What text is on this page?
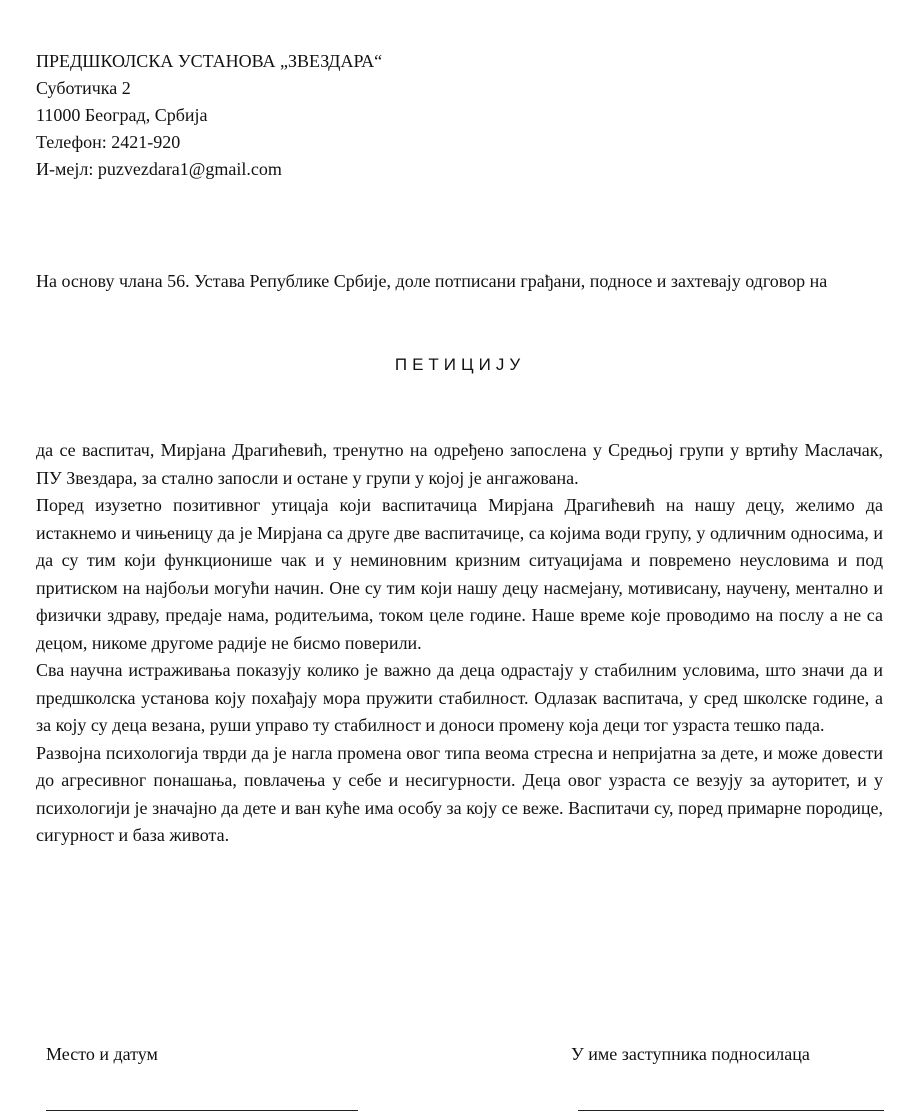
ПРЕДШКОЛСКА УСТАНОВА „ЗВЕЗДАРА“
Суботичка 2
11000 Београд, Србија
Телефон: 2421-920
И-мејл: puzvezdara1@gmail.com
На основу члана 56. Устава Републике Србије, доле потписани грађани, подносе и захтевају одговор на
ПЕТИЦИЈУ

да се васпитач, Мирјана Драгићевић, тренутно на одређено запослена у Средњој групи у вртићу Маслачак, ПУ Звездара, за стално запосли и остане у групи у којој је ангажована.

Поред изузетно позитивног утицаја који васпитачица Мирјана Драгићевић на нашу децу, желимо да истакнемо и чињеницу да је Мирјана са друге две васпитачице, са којима води групу, у одличним односима, и да су тим који функционише чак и у неминовним кризним ситуацијама и повремено неусловима и под притиском на најбољи могући начин. Оне су тим који нашу децу насмејану, мотивисану, научену, ментално и физички здраву, предаје нама, родитељима, током целе године. Наше време које проводимо на послу а не са децом, никоме другоме радије не бисмо поверили.

Сва научна истраживања показују колико је важно да деца одрастају у стабилним условима, што значи да и предшколска установа коју похађају мора пружити стабилност. Одлазак васпитача, у сред школске године, а за коју су деца везана, руши управо ту стабилност и доноси промену која деци тог узраста тешко пада.

Развојна психологија тврди да је нагла промена овог типа веома стресна и непријатна за дете, и може довести до агресивног понашања, повлачења у себе и несигурности. Деца овог узраста се везују за ауторитет, и у психологији је значајно да дете и ван куће има особу за коју се веже. Васпитачи су, поред примарне породице, сигурност и база живота.

Место и датум	У име заступника подносилаца
